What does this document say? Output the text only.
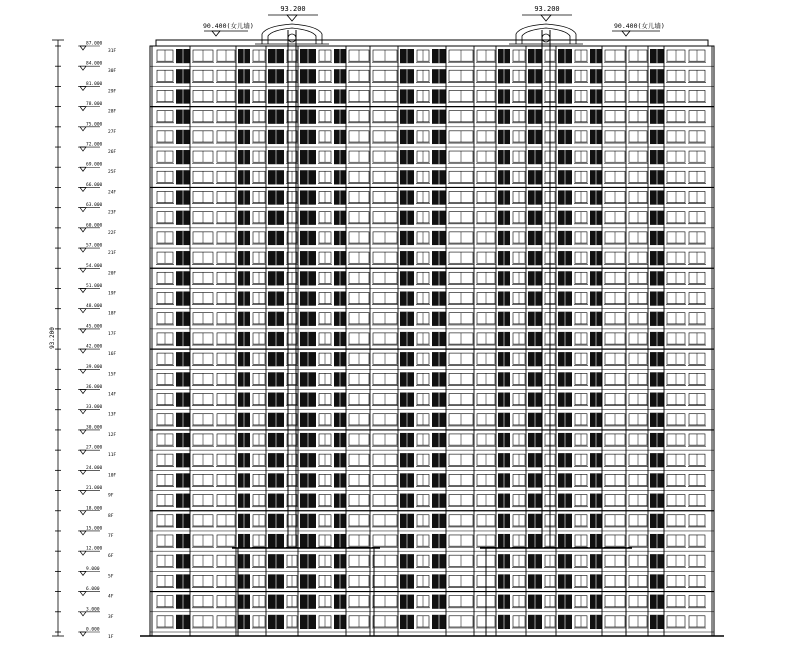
93.200	93.200
90.400(女儿墙)	90.400(女儿墙)
93.200
87.000
31F
84.000
30F
81.000
29F
78.000
28F
75.000
27F
72.000
26F
69.000
25F
66.000
24F
63.000
23F
60.000
22F
57.000
21F
54.000
20F
51.000
19F
48.000
18F
45.000
17F
42.000
16F
39.000
15F
36.000
14F
33.000
13F
30.000
12F
27.000
11F
24.000
10F
21.000
9F
18.000
8F
15.000
7F
12.000
6F
9.000
5F
6.000
4F
3.000
3F
0.000
1F
